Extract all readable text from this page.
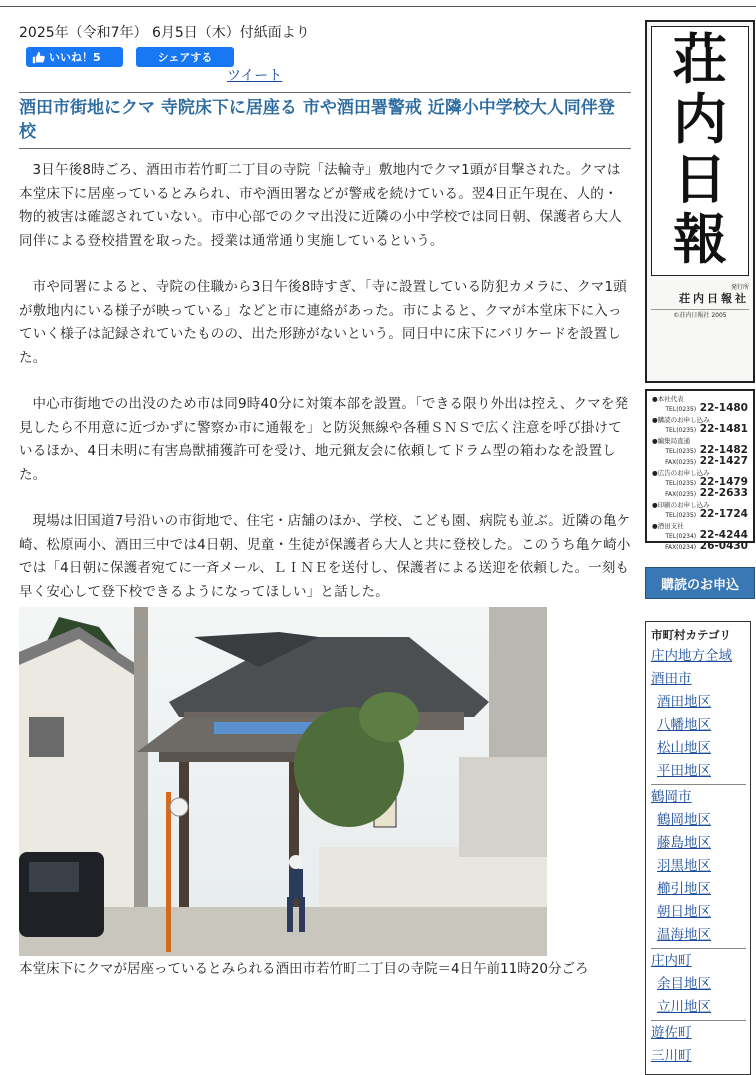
2025年（令和7年） 6月5日（木）付紙面より
いいね！5	シェアする
ツイート
酒田市街地にクマ 寺院床下に居座る 市や酒田署警戒 近隣小中学校大人同伴登校

3日午後8時ごろ、酒田市若竹町二丁目の寺院「法輪寺」敷地内でクマ1頭が目撃された。クマは本堂床下に居座っているとみられ、市や酒田署などが警戒を続けている。翌4日正午現在、人的・物的被害は確認されていない。市中心部でのクマ出没に近隣の小中学校では同日朝、保護者ら大人同伴による登校措置を取った。授業は通常通り実施しているという。

市や同署によると、寺院の住職から3日午後8時すぎ、「寺に設置している防犯カメラに、クマ1頭が敷地内にいる様子が映っている」などと市に連絡があった。市によると、クマが本堂床下に入っていく様子は記録されていたものの、出た形跡がないという。同日中に床下にバリケードを設置した。

中心市街地での出没のため市は同9時40分に対策本部を設置。「できる限り外出は控え、クマを発見したら不用意に近づかずに警察か市に通報を」と防災無線や各種ＳＮＳで広く注意を呼び掛けているほか、4日未明に有害鳥獣捕獲許可を受け、地元猟友会に依頼してドラム型の箱わなを設置した。

現場は旧国道7号沿いの市街地で、住宅・店舗のほか、学校、こども園、病院も並ぶ。近隣の亀ケ崎、松原両小、酒田三中では4日朝、児童・生徒が保護者ら大人と共に登校した。このうち亀ケ崎小では「4日朝に保護者宛てに一斉メール、ＬＩＮＥを送付し、保護者による送迎を依頼した。一刻も早く安心して登下校できるようになってほしい」と話した。

本堂床下にクマが居座っているとみられる酒田市若竹町二丁目の寺院＝4日午前11時20分ごろ
荘
内
日
報
発行所
荘内日報社
©荘内日報社 2005
●本社代表
TEL(0235) 22-1480
●購読のお申し込み
TEL(0235) 22-1481
●編集局直通
TEL(0235) 22-1482
FAX(0235) 22-1427
●広告のお申し込み
TEL(0235) 22-1479
FAX(0235) 22-2633
●印刷のお申し込み
TEL(0235) 22-1724
●酒田支社
TEL(0234) 22-4244
FAX(0234) 26-0430
購読のお申込
市町村カテゴリ
庄内地方全域
酒田市
酒田地区
八幡地区
松山地区
平田地区
鶴岡市
鶴岡地区
藤島地区
羽黒地区
櫛引地区
朝日地区
温海地区
庄内町
余目地区
立川地区
遊佐町
三川町
